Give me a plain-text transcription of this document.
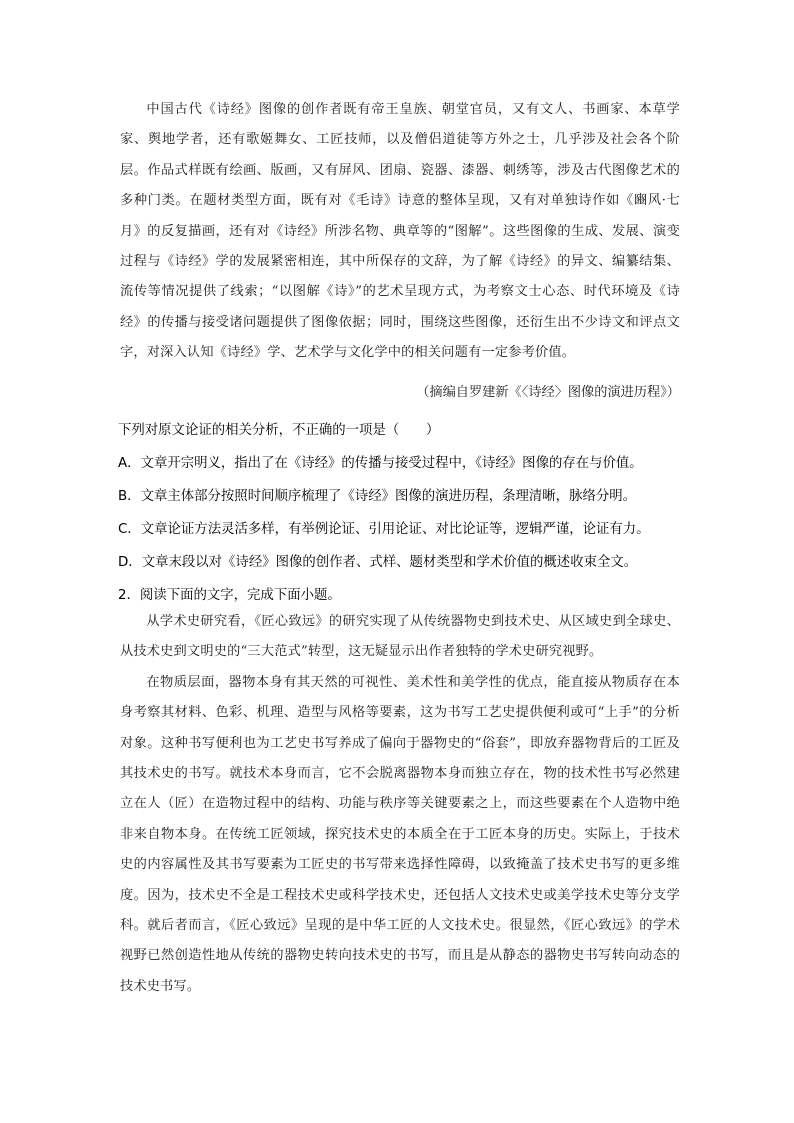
中国古代《诗经》图像的创作者既有帝王皇族、朝堂官员，又有文人、书画家、本草学家、舆地学者，还有歌姬舞女、工匠技师，以及僧侣道徒等方外之士，几乎涉及社会各个阶层。作品式样既有绘画、版画，又有屏风、团扇、瓷器、漆器、刺绣等，涉及古代图像艺术的多种门类。在题材类型方面，既有对《毛诗》诗意的整体呈现，又有对单独诗作如《豳风·七月》的反复描画，还有对《诗经》所涉名物、典章等的“图解”。这些图像的生成、发展、演变过程与《诗经》学的发展紧密相连，其中所保存的文辞，为了解《诗经》的异文、编纂结集、流传等情况提供了线索；“以图解《诗》”的艺术呈现方式，为考察文士心态、时代环境及《诗经》的传播与接受诸问题提供了图像依据；同时，围绕这些图像，还衍生出不少诗文和评点文字，对深入认知《诗经》学、艺术学与文化学中的相关问题有一定参考价值。

（摘编自罗建新《〈诗经〉图像的演进历程》）
下列对原文论证的相关分析，不正确的一项是（　　）
A．文章开宗明义，指出了在《诗经》的传播与接受过程中，《诗经》图像的存在与价值。
B．文章主体部分按照时间顺序梳理了《诗经》图像的演进历程，条理清晰，脉络分明。
C．文章论证方法灵活多样，有举例论证、引用论证、对比论证等，逻辑严谨，论证有力。
D．文章末段以对《诗经》图像的创作者、式样、题材类型和学术价值的概述收束全文。
2．阅读下面的文字，完成下面小题。

从学术史研究看，《匠心致远》的研究实现了从传统器物史到技术史、从区域史到全球史、从技术史到文明史的“三大范式”转型，这无疑显示出作者独特的学术史研究视野。

在物质层面，器物本身有其天然的可视性、美术性和美学性的优点，能直接从物质存在本身考察其材料、色彩、机理、造型与风格等要素，这为书写工艺史提供便利或可“上手”的分析对象。这种书写便利也为工艺史书写养成了偏向于器物史的“俗套”，即放弃器物背后的工匠及其技术史的书写。就技术本身而言，它不会脱离器物本身而独立存在，物的技术性书写必然建立在人（匠）在造物过程中的结构、功能与秩序等关键要素之上，而这些要素在个人造物中绝非来自物本身。在传统工匠领域，探究技术史的本质全在于工匠本身的历史。实际上，于技术史的内容属性及其书写要素为工匠史的书写带来选择性障碍，以致掩盖了技术史书写的更多维度。因为，技术史不全是工程技术史或科学技术史，还包括人文技术史或美学技术史等分支学科。就后者而言，《匠心致远》呈现的是中华工匠的人文技术史。很显然，《匠心致远》的学术视野已然创造性地从传统的器物史转向技术史的书写，而且是从静态的器物史书写转向动态的技术史书写。
